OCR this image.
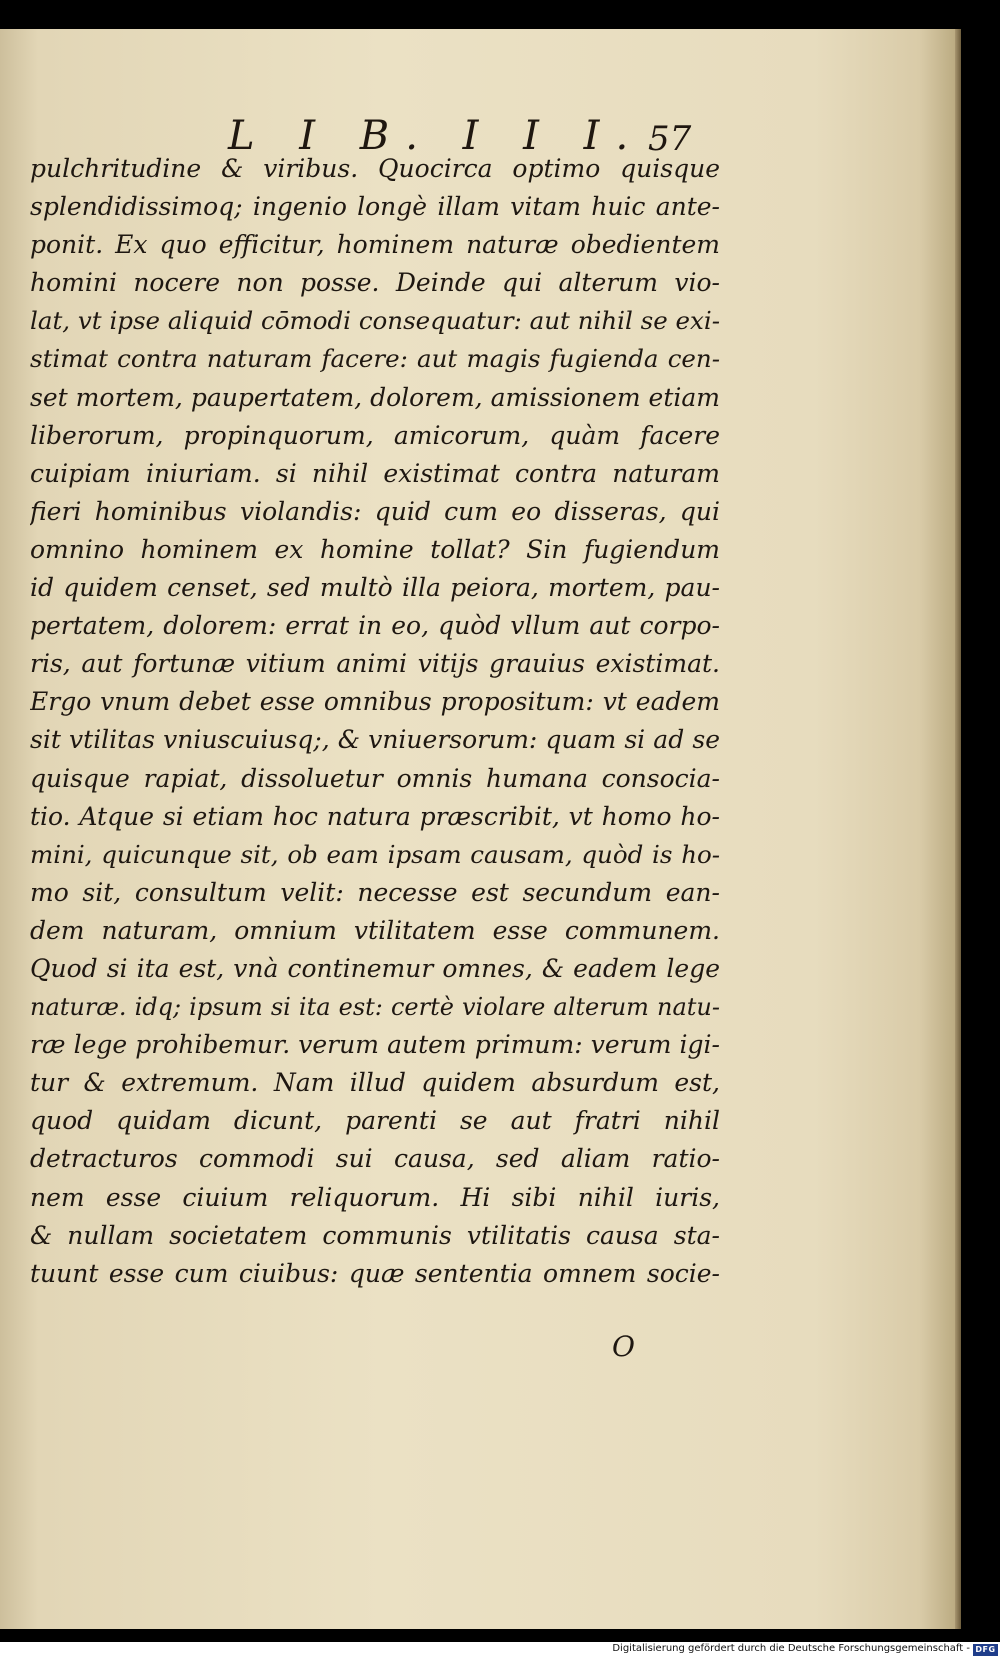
L I B. I I I. 57
pulchritudine & viribus. Quocirca optimo quisque
splendidissimoq; ingenio longè illam vitam huic ante-
ponit. Ex quo efficitur, hominem naturæ obedientem
homini nocere non posse. Deinde qui alterum vio-
lat, vt ipse aliquid cōmodi consequatur: aut nihil se exi-
stimat contra naturam facere: aut magis fugienda cen-
set mortem, paupertatem, dolorem, amissionem etiam
liberorum, propinquorum, amicorum, quàm facere
cuipiam iniuriam. si nihil existimat contra naturam
fieri hominibus violandis: quid cum eo disseras, qui
omnino hominem ex homine tollat? Sin fugiendum
id quidem censet, sed multò illa peiora, mortem, pau-
pertatem, dolorem: errat in eo, quòd vllum aut corpo-
ris, aut fortunæ vitium animi vitijs grauius existimat.
Ergo vnum debet esse omnibus propositum: vt eadem
sit vtilitas vniuscuiusq;, & vniuersorum: quam si ad se
quisque rapiat, dissoluetur omnis humana consocia-
tio. Atque si etiam hoc natura præscribit, vt homo ho-
mini, quicunque sit, ob eam ipsam causam, quòd is ho-
mo sit, consultum velit: necesse est secundum ean-
dem naturam, omnium vtilitatem esse communem.
Quod si ita est, vnà continemur omnes, & eadem lege
naturæ. idq; ipsum si ita est: certè violare alterum natu-
ræ lege prohibemur. verum autem primum: verum igi-
tur & extremum. Nam illud quidem absurdum est,
quod quidam dicunt, parenti se aut fratri nihil
detracturos commodi sui causa, sed aliam ratio-
nem esse ciuium reliquorum. Hi sibi nihil iuris,
& nullam societatem communis vtilitatis causa sta-
tuunt esse cum ciuibus: quæ sententia omnem socie-
O
Digitalisierung gefördert durch die Deutsche Forschungsgemeinschaft - DFG
